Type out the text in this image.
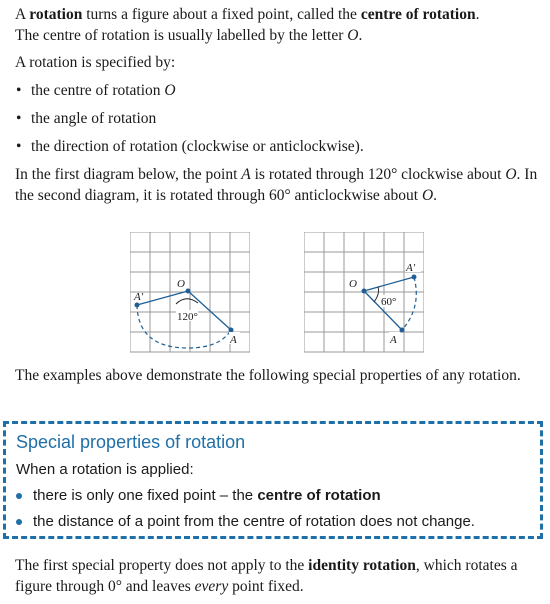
A rotation turns a figure about a fixed point, called the centre of rotation.
The centre of rotation is usually labelled by the letter O.

A rotation is specified by:

• the centre of rotation O
• the angle of rotation
• the direction of rotation (clockwise or anticlockwise).

In the first diagram below, the point A is rotated through 120° clockwise about O. In the second diagram, it is rotated through 60° anticlockwise about O.

120°
O
A
A′	60°
O
A
A′

The examples above demonstrate the following special properties of any rotation.

Special properties of rotation

When a rotation is applied:

there is only one fixed point – the centre of rotation
the distance of a point from the centre of rotation does not change.

The first special property does not apply to the identity rotation, which rotates a figure through 0° and leaves every point fixed.
